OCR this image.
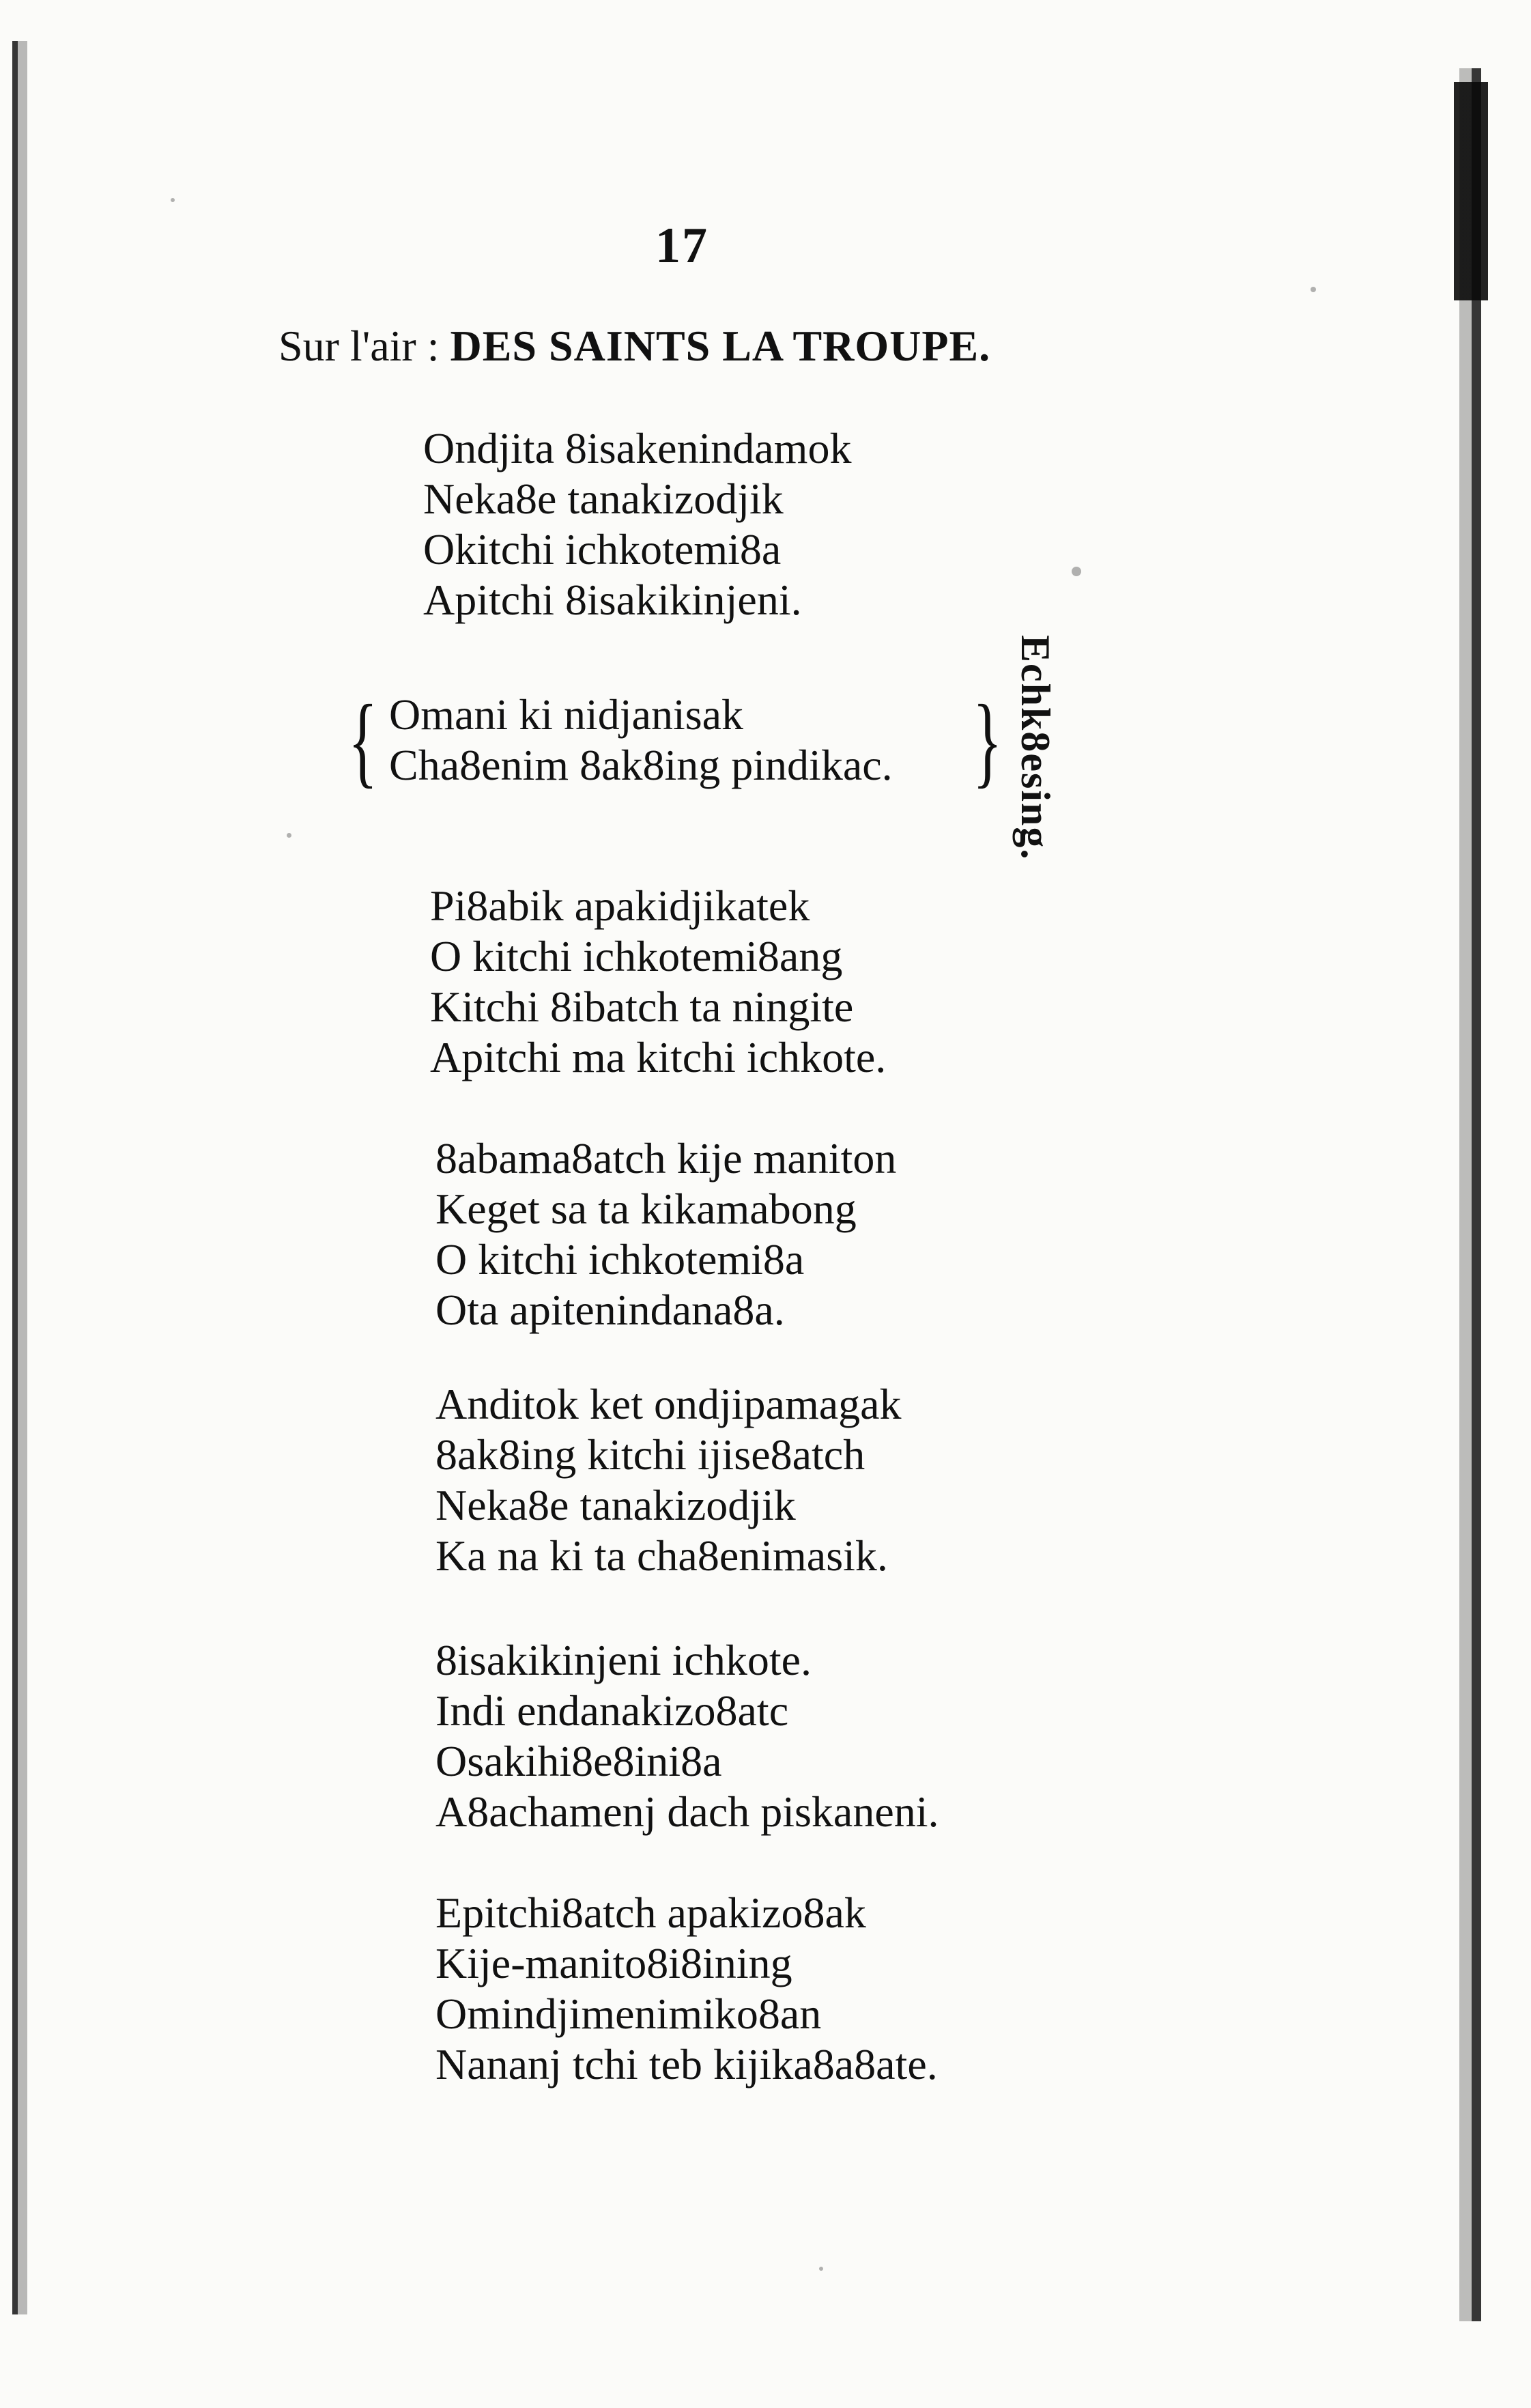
17
Sur l'air : DES SAINTS LA TROUPE.
Ondjita 8isakenindamok
Neka8e tanakizodjik
Okitchi ichkotemi8a
Apitchi 8isakikinjeni.
{ Omani ki nidjanisak
Cha8enim 8ak8ing pindikac. } Echk8esing.
Pi8abik apakidjikatek
O kitchi ichkotemi8ang
Kitchi 8ibatch ta ningite
Apitchi ma kitchi ichkote.
8abama8atch kije maniton
Keget sa ta kikamabong
O kitchi ichkotemi8a
Ota apitenindana8a.
Anditok ket ondjipamagak
8ak8ing kitchi ijise8atch
Neka8e tanakizodjik
Ka na ki ta cha8enimasik.
8isakikinjeni ichkote.
Indi endanakizo8atc
Osakihi8e8ini8a
A8achamenj dach piskaneni.
Epitchi8atch apakizo8ak
Kije-manito8i8ining
Omindjimenimiko8an
Nananj tchi teb kijika8a8ate.
